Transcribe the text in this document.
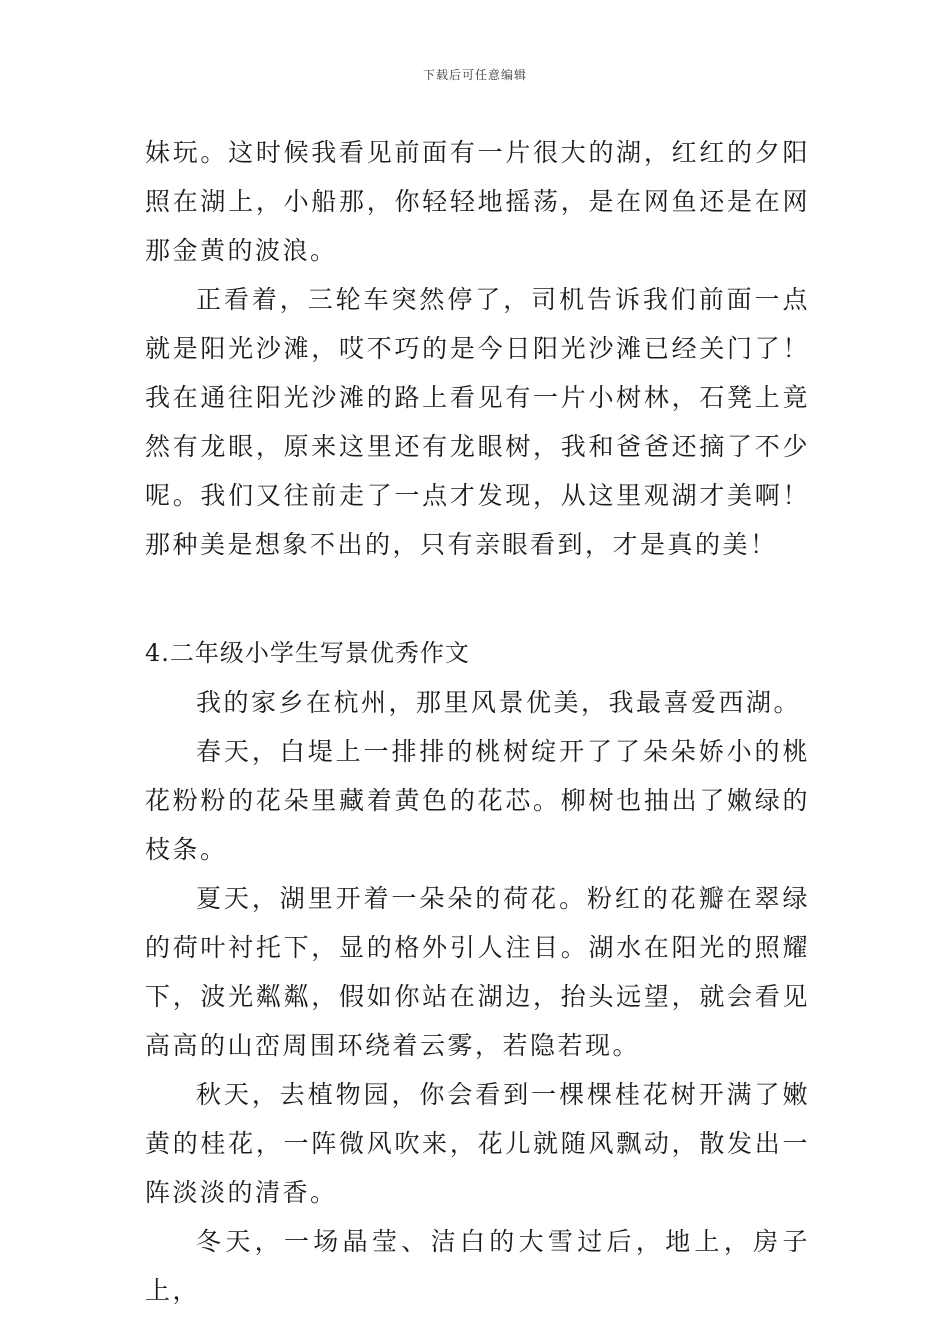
下载后可任意编辑

妹玩。这时候我看见前面有一片很大的湖，红红的夕阳照在湖上，小船那，你轻轻地摇荡，是在网鱼还是在网那金黄的波浪。

正看着，三轮车突然停了，司机告诉我们前面一点就是阳光沙滩，哎不巧的是今日阳光沙滩已经关门了！我在通往阳光沙滩的路上看见有一片小树林，石凳上竟然有龙眼，原来这里还有龙眼树，我和爸爸还摘了不少呢。我们又往前走了一点才发现，从这里观湖才美啊！那种美是想象不出的，只有亲眼看到，才是真的美！

4.二年级小学生写景优秀作文

我的家乡在杭州，那里风景优美，我最喜爱西湖。

春天，白堤上一排排的桃树绽开了了朵朵娇小的桃花粉粉的花朵里藏着黄色的花芯。柳树也抽出了嫩绿的枝条。

夏天，湖里开着一朵朵的荷花。粉红的花瓣在翠绿的荷叶衬托下，显的格外引人注目。湖水在阳光的照耀下，波光粼粼，假如你站在湖边，抬头远望，就会看见高高的山峦周围环绕着云雾，若隐若现。

秋天，去植物园，你会看到一棵棵桂花树开满了嫩黄的桂花，一阵微风吹来，花儿就随风飘动，散发出一阵淡淡的清香。

冬天，一场晶莹、洁白的大雪过后，地上，房子上，
